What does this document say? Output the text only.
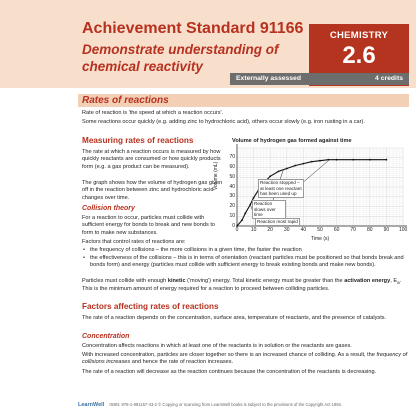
Achievement Standard 91166
Demonstrate understanding of chemical reactivity
CHEMISTRY
2.6
Externally assessed	4 credits
Rates of reactions
Rate of reaction is 'the speed at which a reaction occurs'.
Some reactions occur quickly (e.g. adding zinc to hydrochloric acid), others occur slowly (e.g. iron rusting in a car).
Measuring rates of reactions
The rate at which a reaction occurs is measured by how quickly reactants are consumed or how quickly products form (e.g. a gas product can be measured).
The graph shows how the volume of hydrogen gas given off in the reaction between zinc and hydrochloric acid changes over time.
Collision theory
For a reaction to occur, particles must collide with sufficient energy for bonds to break and new bonds to form to make new substances.
Factors that control rates of reactions are:
• the frequency of collisions – the more collisions in a given time, the faster the reaction
• the effectiveness of the collisions – this is in terms of orientation (reactant particles must be positioned so that bonds break and bonds form) and energy (particles must collide with sufficient energy to break existing bonds and make new bonds).
Particles must collide with enough kinetic ('moving') energy. Total kinetic energy must be greater than the activation energy, $E_a$. This is the minimum amount of energy required for a reaction to proceed between colliding particles.
Factors affecting rates of reactions
The rate of a reaction depends on the concentration, surface area, temperature of reactants, and the presence of catalysts.
Concentration
Concentration affects reactions in which at least one of the reactants is in solution or the reactants are gases.
With increased concentration, particles are closer together so there is an increased chance of colliding. As a result, the frequency of collisions increases and hence the rate of reaction increases.
The rate of a reaction will decrease as the reaction continues because the concentration of the reactants is decreasing.
Volume of hydrogen gas formed against time
Volume (mL)
Time (s)
0	10 20 30 40 50 60 70 80 90 100
0
10
20
30
40
50
60
70
Reaction stopped – at least one reactant has been used up
Reaction slows over time
Reaction most rapid
LearnWell ISBN: 978-1-991157-43-2 © Copying or scanning from LearnWell books is subject to the provisions of the Copyright Act 1994.
